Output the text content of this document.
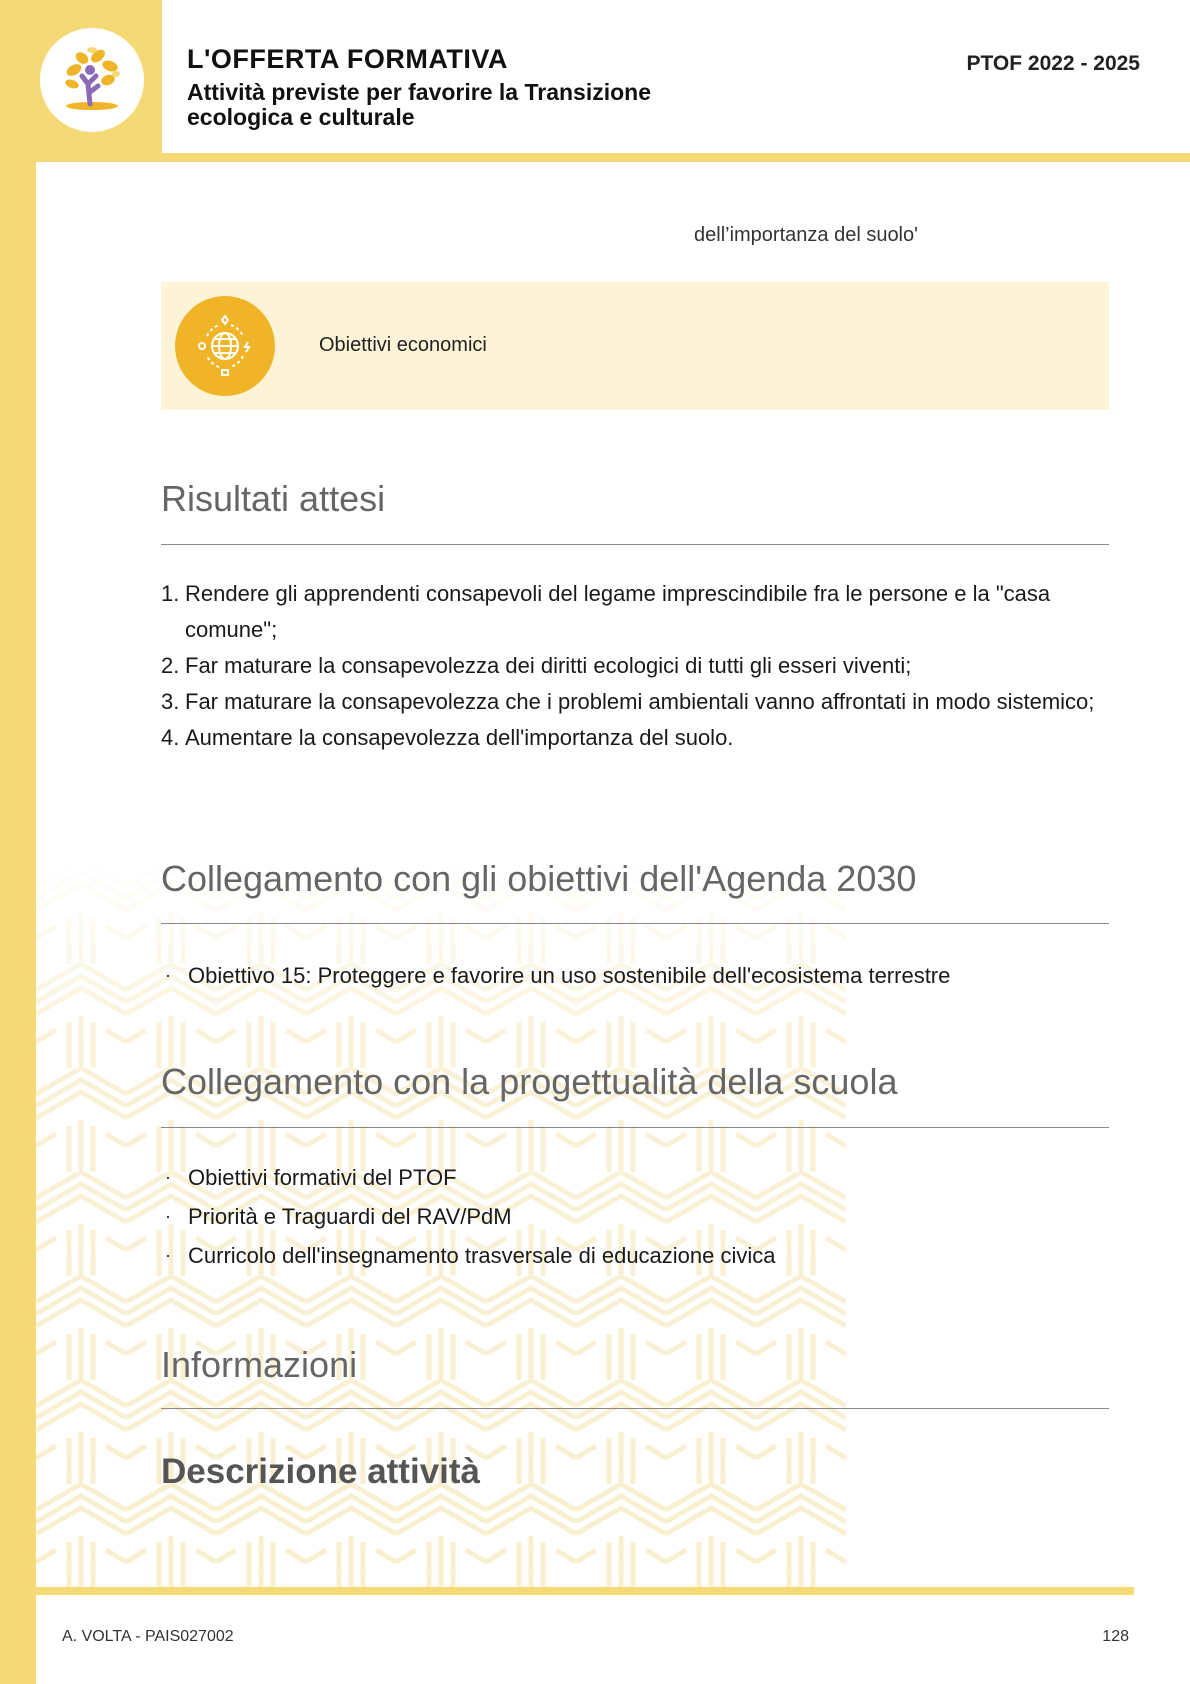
L'OFFERTA FORMATIVA
Attività previste per favorire la Transizione ecologica e culturale
PTOF 2022 - 2025
dell’importanza del suolo'
Obiettivi economici
Risultati attesi
1. Rendere gli apprendenti consapevoli del legame imprescindibile fra le persone e la "casa comune";
2. Far maturare la consapevolezza dei diritti ecologici di tutti gli esseri viventi;
3. Far maturare la consapevolezza che i problemi ambientali vanno affrontati in modo sistemico;
4. Aumentare la consapevolezza dell'importanza del suolo.
Collegamento con gli obiettivi dell'Agenda 2030
· Obiettivo 15: Proteggere e favorire un uso sostenibile dell'ecosistema terrestre
Collegamento con la progettualità della scuola
· Obiettivi formativi del PTOF
· Priorità e Traguardi del RAV/PdM
· Curricolo dell'insegnamento trasversale di educazione civica
Informazioni
Descrizione attività
A. VOLTA - PAIS027002	128
